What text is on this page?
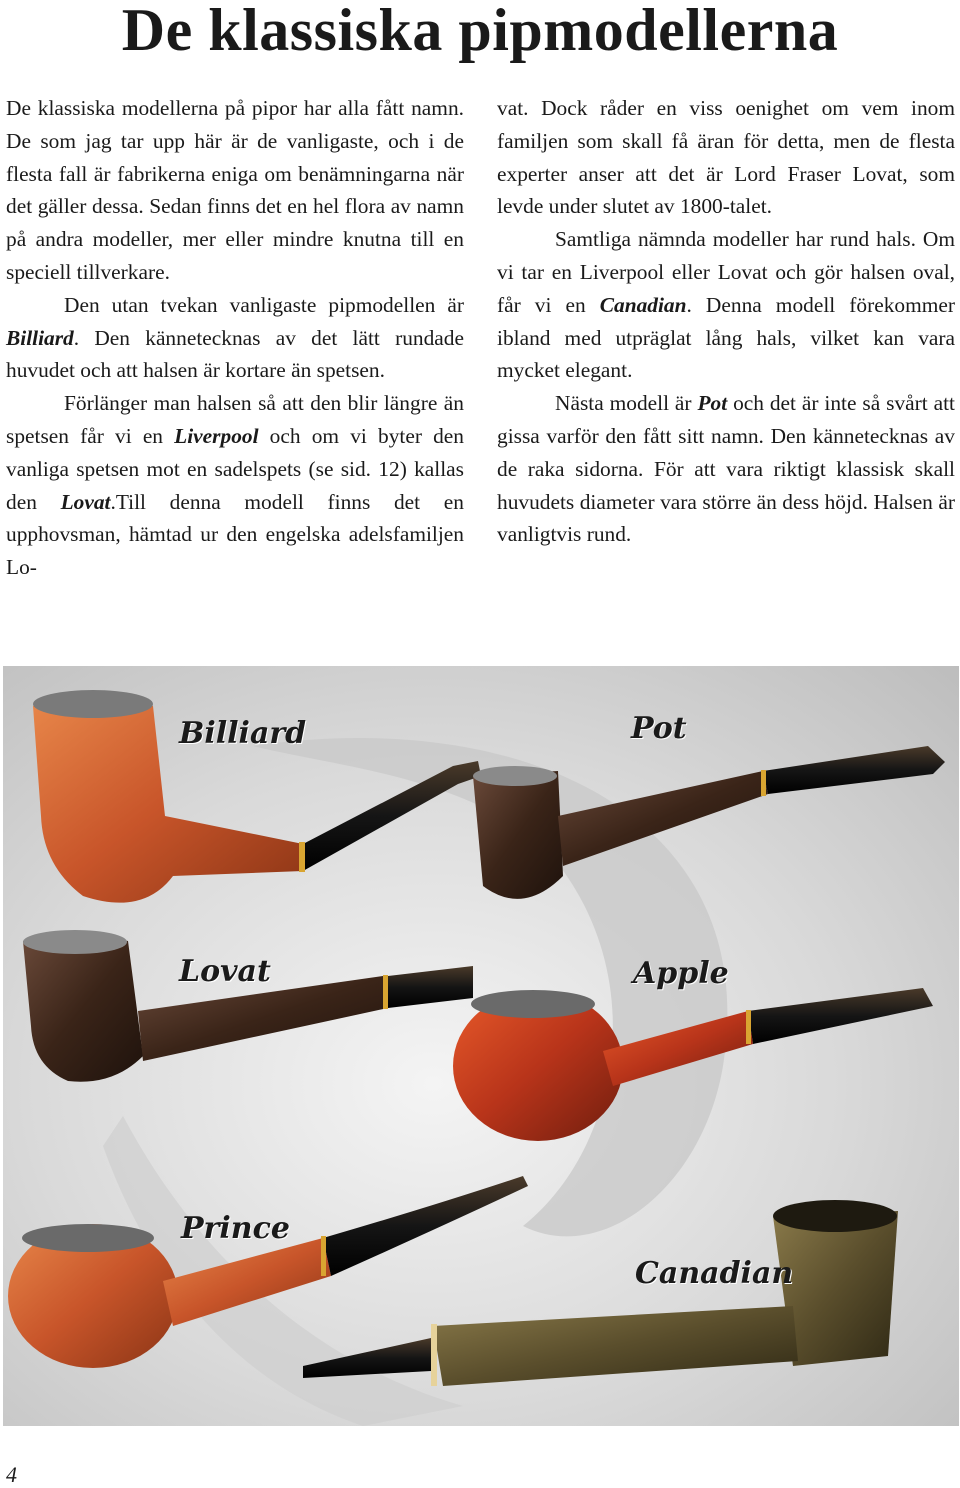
De klassiska pipmodellerna

De klassiska modellerna på pipor har alla fått namn. De som jag tar upp här är de vanligaste, och i de flesta fall är fabrikerna eniga om benämningarna när det gäller dessa. Sedan finns det en hel flora av namn på andra modeller, mer eller mindre knutna till en speciell tillverkare.

Den utan tvekan vanligaste pipmodellen är Billiard. Den kännetecknas av det lätt rundade huvudet och att halsen är kortare än spetsen.

Förlänger man halsen så att den blir längre än spetsen får vi en Liverpool och om vi byter den vanliga spetsen mot en sadelspets (se sid. 12) kallas den Lovat.Till denna modell finns det en upphovsman, hämtad ur den engelska adelsfamiljen Lo-

vat. Dock råder en viss oenighet om vem inom familjen som skall få äran för detta, men de flesta experter anser att det är Lord Fraser Lovat, som levde under slutet av 1800-talet.

Samtliga nämnda modeller har rund hals. Om vi tar en Liverpool eller Lovat och gör halsen oval, får vi en Canadian. Denna modell förekommer ibland med utpräglat lång hals, vilket kan vara mycket elegant.

Nästa modell är Pot och det är inte så svårt att gissa varför den fått sitt namn. Den kännetecknas av de raka sidorna. För att vara riktigt klassisk skall huvudets diameter vara större än dess höjd. Halsen är vanligtvis rund.

Billiard	Pot
Lovat	Apple
Prince
Canadian
4
